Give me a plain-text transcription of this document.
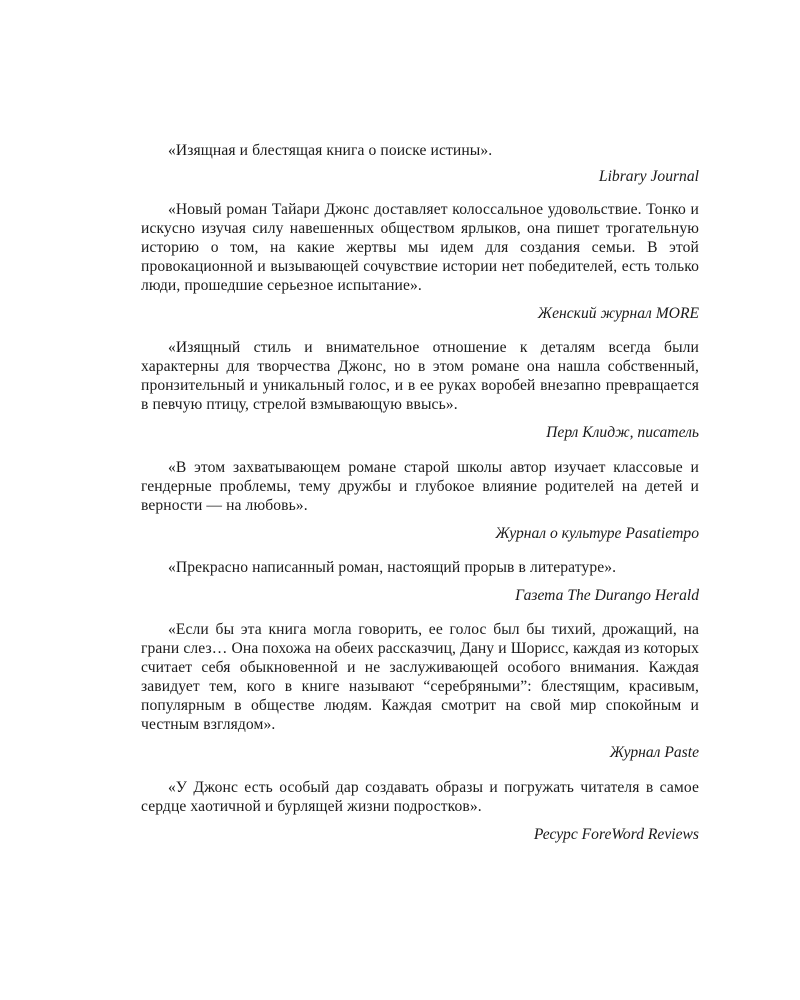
«Изящная и блестящая книга о поиске истины».

Library Journal

«Новый роман Тайари Джонс доставляет колоссальное удовольствие. Тонко и искусно изучая силу навешенных обществом ярлыков, она пишет трогательную историю о том, на какие жертвы мы идем для создания семьи. В этой провокационной и вызывающей сочувствие истории нет победителей, есть только люди, прошедшие серьезное испытание».

Женский журнал MORE

«Изящный стиль и внимательное отношение к деталям всегда были характерны для творчества Джонс, но в этом романе она нашла собственный, пронзительный и уникальный голос, и в ее руках воробей внезапно превращается в певчую птицу, стрелой взмывающую ввысь».

Перл Клидж, писатель

«В этом захватывающем романе старой школы автор изучает классовые и гендерные проблемы, тему дружбы и глубокое влияние родителей на детей и верности — на любовь».

Журнал о культуре Pasatiempo

«Прекрасно написанный роман, настоящий прорыв в литературе».

Газета The Durango Herald

«Если бы эта книга могла говорить, ее голос был бы тихий, дрожащий, на грани слез… Она похожа на обеих рассказчиц, Дану и Шорисс, каждая из которых считает себя обыкновенной и не заслуживающей особого внимания. Каждая завидует тем, кого в книге называют “серебряными”: блестящим, красивым, популярным в обществе людям. Каждая смотрит на свой мир спокойным и честным взглядом».

Журнал Paste

«У Джонс есть особый дар создавать образы и погружать читателя в самое сердце хаотичной и бурлящей жизни подростков».

Ресурс ForeWord Reviews
